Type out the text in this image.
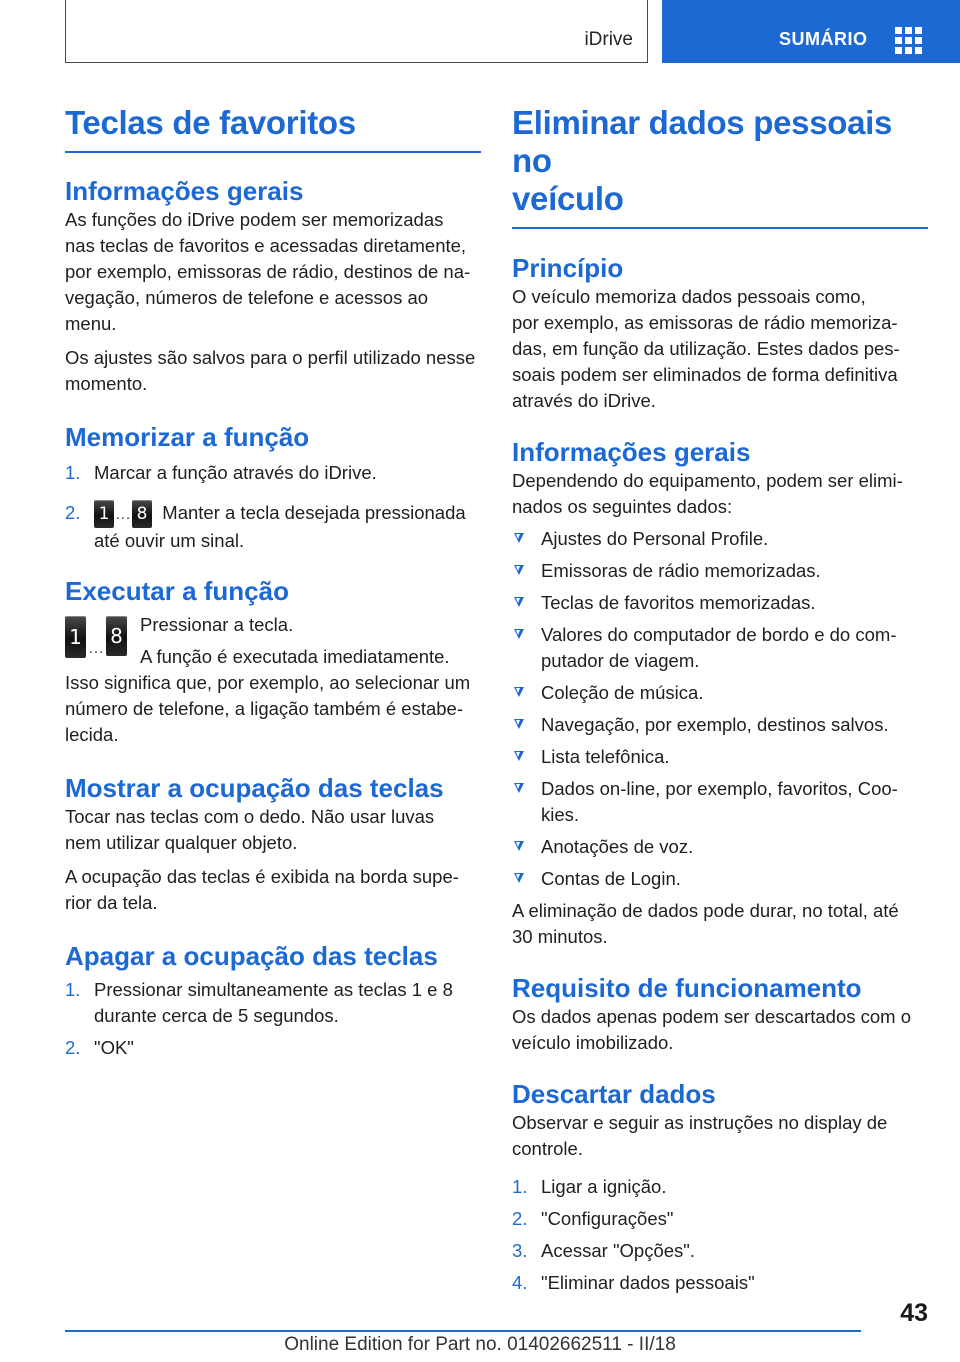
iDrive	SUMÁRIO
Teclas de favoritos
Informações gerais

As funções do iDrive podem ser memorizadas
nas teclas de favoritos e acessadas diretamente,
por exemplo, emissoras de rádio, destinos de na‐
vegação, números de telefone e acessos ao
menu.

Os ajustes são salvos para o perfil utilizado nesse
momento.

Memorizar a função
1. Marcar a função através do iDrive.
2. 1 … 8 Manter a tecla desejada pressionada
até ouvir um sinal.
Executar a função
1 …
8 Pressionar a tecla.

A função é executada imediatamente.

Isso significa que, por exemplo, ao selecionar um
número de telefone, a ligação também é estabe‐
lecida.

Mostrar a ocupação das teclas

Tocar nas teclas com o dedo. Não usar luvas
nem utilizar qualquer objeto.

A ocupação das teclas é exibida na borda supe‐
rior da tela.

Apagar a ocupação das teclas
1. Pressionar simultaneamente as teclas 1 e 8
durante cerca de 5 segundos.
2. "OK"
Eliminar dados pessoais no
veículo
Princípio

O veículo memoriza dados pessoais como,
por exemplo, as emissoras de rádio memoriza‐
das, em função da utilização. Estes dados pes‐
soais podem ser eliminados de forma definitiva
através do iDrive.

Informações gerais

Dependendo do equipamento, podem ser elimi‐
nados os seguintes dados:

Ajustes do Personal Profile.
Emissoras de rádio memorizadas.
Teclas de favoritos memorizadas.
Valores do computador de bordo e do com‐
putador de viagem.
Coleção de música.
Navegação, por exemplo, destinos salvos.
Lista telefônica.
Dados on-line, por exemplo, favoritos, Coo‐
kies.
Anotações de voz.
Contas de Login.

A eliminação de dados pode durar, no total, até
30 minutos.

Requisito de funcionamento

Os dados apenas podem ser descartados com o
veículo imobilizado.

Descartar dados

Observar e seguir as instruções no display de
controle.

1. Ligar a ignição.
2. "Configurações"
3. Acessar "Opções".
4. "Eliminar dados pessoais"
43
Online Edition for Part no. 01402662511 - II/18
